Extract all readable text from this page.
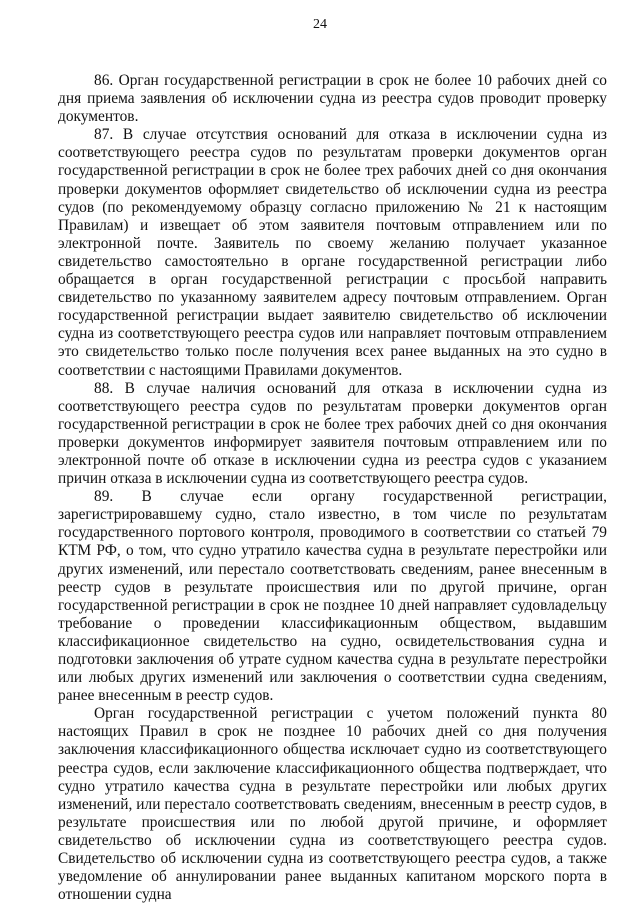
24

86. Орган государственной регистрации в срок не более 10 рабочих дней со дня приема заявления об исключении судна из реестра судов проводит проверку документов.

87. В случае отсутствия оснований для отказа в исключении судна из соответствующего реестра судов по результатам проверки документов орган государственной регистрации в срок не более трех рабочих дней со дня окончания проверки документов оформляет свидетельство об исключении судна из реестра судов (по рекомендуемому образцу согласно приложению № 21 к настоящим Правилам) и извещает об этом заявителя почтовым отправлением или по электронной почте. Заявитель по своему желанию получает указанное свидетельство самостоятельно в органе государственной регистрации либо обращается в орган государственной регистрации с просьбой направить свидетельство по указанному заявителем адресу почтовым отправлением. Орган государственной регистрации выдает заявителю свидетельство об исключении судна из соответствующего реестра судов или направляет почтовым отправлением это свидетельство только после получения всех ранее выданных на это судно в соответствии с настоящими Правилами документов.

88. В случае наличия оснований для отказа в исключении судна из соответствующего реестра судов по результатам проверки документов орган государственной регистрации в срок не более трех рабочих дней со дня окончания проверки документов информирует заявителя почтовым отправлением или по электронной почте об отказе в исключении судна из реестра судов с указанием причин отказа в исключении судна из соответствующего реестра судов.

89. В случае если органу государственной регистрации, зарегистрировавшему судно, стало известно, в том числе по результатам государственного портового контроля, проводимого в соответствии со статьей 79 КТМ РФ, о том, что судно утратило качества судна в результате перестройки или других изменений, или перестало соответствовать сведениям, ранее внесенным в реестр судов в результате происшествия или по другой причине, орган государственной регистрации в срок не позднее 10 дней направляет судовладельцу требование о проведении классификационным обществом, выдавшим классификационное свидетельство на судно, освидетельствования судна и подготовки заключения об утрате судном качества судна в результате перестройки или любых других изменений или заключения о соответствии судна сведениям, ранее внесенным в реестр судов.

Орган государственной регистрации с учетом положений пункта 80 настоящих Правил в срок не позднее 10 рабочих дней со дня получения заключения классификационного общества исключает судно из соответствующего реестра судов, если заключение классификационного общества подтверждает, что судно утратило качества судна в результате перестройки или любых других изменений, или перестало соответствовать сведениям, внесенным в реестр судов, в результате происшествия или по любой другой причине, и оформляет свидетельство об исключении судна из соответствующего реестра судов. Свидетельство об исключении судна из соответствующего реестра судов, а также уведомление об аннулировании ранее выданных капитаном морского порта в отношении судна
